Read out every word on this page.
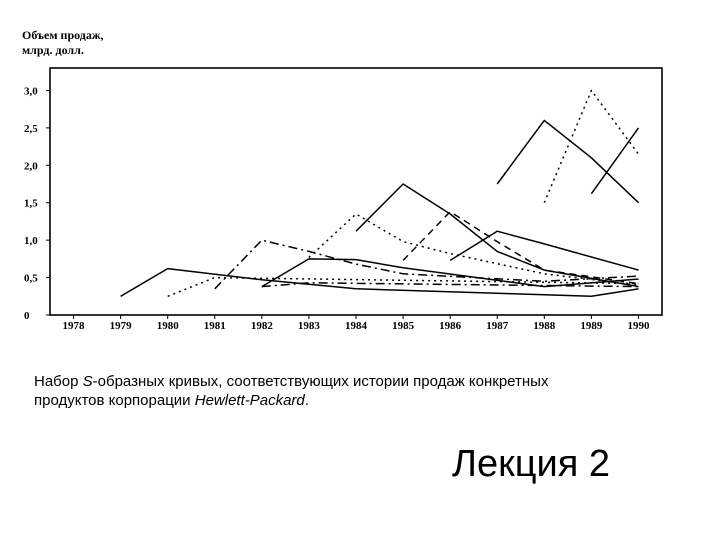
Объем продаж,
млрд. долл.
0
0,5
1,0
1,5
2,0
2,5
3,0
1978 1979 1980 1981 1982 1983 1984 1985 1986 1987 1988 1989 1990
Набор S-образных кривых, соответствующих истории продаж конкретных
продуктов корпорации Hewlett-Packard.
Лекция 2
